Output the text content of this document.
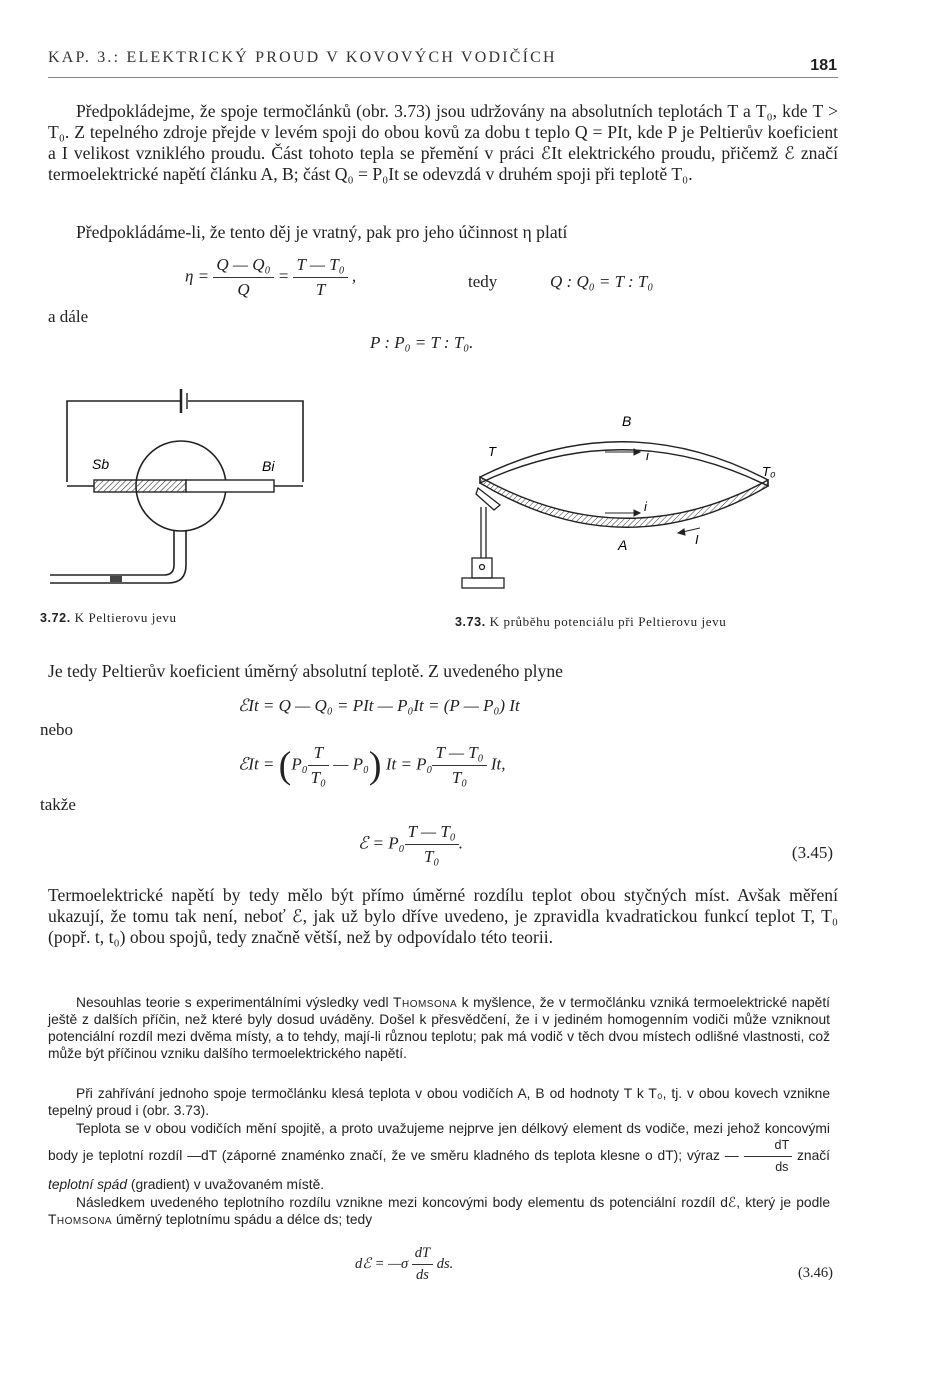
KAP. 3.: ELEKTRICKÝ PROUD V KOVOVÝCH VODIČÍCH	181

Předpokládejme, že spoje termočlánků (obr. 3.73) jsou udržovány na absolutních teplotách T a T₀, kde T > T₀. Z tepelného zdroje přejde v levém spoji do obou kovů za dobu t teplo Q = PIt, kde P je Peltierův koeficient a I velikost vzniklého proudu. Část tohoto tepla se přemění v práci ℰIt elektrického proudu, přičemž ℰ značí termoelektrické napětí článku A, B; část Q₀ = P₀It se odevzdá v druhém spoji při teplotě T₀.

Předpokládáme-li, že tento děj je vratný, pak pro jeho účinnost η platí

$\eta = \frac{\text{Q — Q₀}}{Q} = \frac{\text{T — T₀}}{T}$ ,	tedy	Q : Q₀ = T : T₀
a dále
P : P₀ = T : T₀.
Sb	Bi
B
A
T
T₀
i
i
I
3.72. K Peltierovu jevu	3.73. K průběhu potenciálu při Peltierovu jevu

Je tedy Peltierův koeficient úměrný absolutní teplotě. Z uvedeného plyne

ℰIt = Q — Q₀ = PIt — P₀It = (P — P₀) It
nebo
ℰIt = ($P_0 \frac{T}{\text{T₀}}$ — P₀) $It = P_0 \frac{\text{T — T₀}}{\text{T₀}} It$,
takže
ℰ = $P_0 \frac{\text{T — T₀}}{\text{T₀}}$ .
(3.45)

Termoelektrické napětí by tedy mělo být přímo úměrné rozdílu teplot obou styčných míst. Avšak měření ukazují, že tomu tak není, neboť ℰ, jak už bylo dříve uvedeno, je zpravidla kvadratickou funkcí teplot T, T₀ (popř. t, t₀) obou spojů, tedy značně větší, než by odpovídalo této teorii.

Nesouhlas teorie s experimentálními výsledky vedl Thomsona k myšlence, že v termočlánku vzniká termoelektrické napětí ještě z dalších příčin, než které byly dosud uváděny. Došel k přesvědčení, že i v jediném homogenním vodiči může vzniknout potenciální rozdíl mezi dvěma místy, a to tehdy, mají-li různou teplotu; pak má vodič v těch dvou místech odlišné vlastnosti, což může být příčinou vzniku dalšího termoelektrického napětí.

Při zahřívání jednoho spoje termočlánku klesá teplota v obou vodičích A, B od hodnoty T k T₀, tj. v obou kovech vznikne tepelný proud i (obr. 3.73).

Teplota se v obou vodičích mění spojitě, a proto uvažujeme nejprve jen délkový element ds vodiče, mezi jehož koncovými body je teplotní rozdíl —dT (záporné znaménko značí, že ve směru kladného ds teplota klesne o dT); výraz — $\frac{dT}{ds}$ značí teplotní spád (gradient) v uvažovaném místě.

Následkem uvedeného teplotního rozdílu vznikne mezi koncovými body elementu ds potenciální rozdíl dℰ, který je podle Thomsona úměrný teplotnímu spádu a délce ds; tedy

dℰ = —σ $\frac{dT}{ds}$ ds.
(3.46)
